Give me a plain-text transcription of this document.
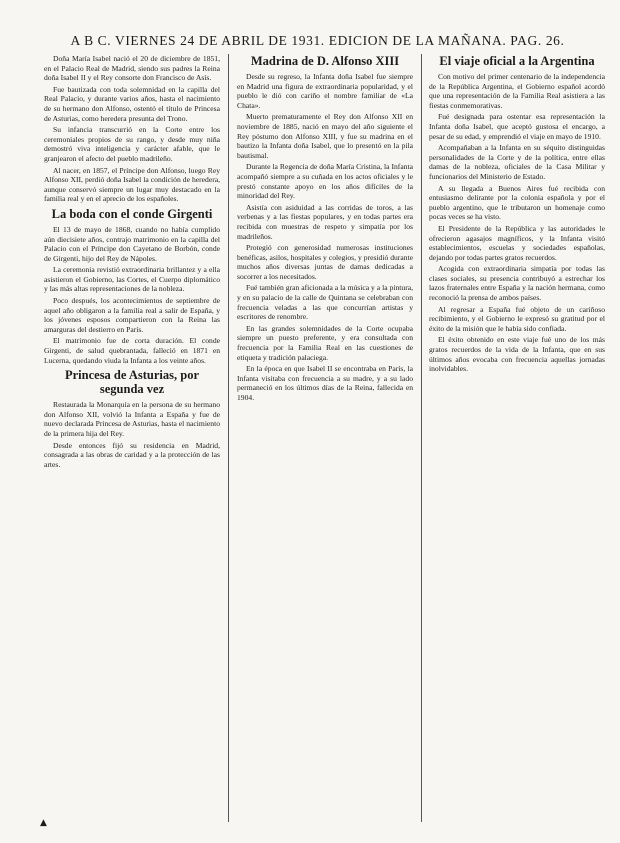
A B C. VIERNES 24 DE ABRIL DE 1931. EDICION DE LA MAÑANA. PAG. 26.

Doña María Isabel nació el 20 de diciembre de 1851, en el Palacio Real de Madrid, siendo sus padres la Reina doña Isabel II y el Rey consorte don Francisco de Asís.

Fue bautizada con toda solemnidad en la capilla del Real Palacio, y durante varios años, hasta el nacimiento de su hermano don Alfonso, ostentó el título de Princesa de Asturias, como heredera presunta del Trono.

Su infancia transcurrió en la Corte entre los ceremoniales propios de su rango, y desde muy niña demostró viva inteligencia y carácter afable, que le granjearon el afecto del pueblo madrileño.

Al nacer, en 1857, el Príncipe don Alfonso, luego Rey Alfonso XII, perdió doña Isabel la condición de heredera, aunque conservó siempre un lugar muy destacado en la familia real y en el aprecio de los españoles.

La boda con el conde Girgenti

El 13 de mayo de 1868, cuando no había cumplido aún diecisiete años, contrajo matrimonio en la capilla del Palacio con el Príncipe don Cayetano de Borbón, conde de Girgenti, hijo del Rey de Nápoles.

La ceremonia revistió extraordinaria brillantez y a ella asistieron el Gobierno, las Cortes, el Cuerpo diplomático y las más altas representaciones de la nobleza.

Poco después, los acontecimientos de septiembre de aquel año obligaron a la familia real a salir de España, y los jóvenes esposos compartieron con la Reina las amarguras del destierro en París.

El matrimonio fue de corta duración. El conde Girgenti, de salud quebrantada, falleció en 1871 en Lucerna, quedando viuda la Infanta a los veinte años.

Princesa de Asturias, por segunda vez

Restaurada la Monarquía en la persona de su hermano don Alfonso XII, volvió la Infanta a España y fue de nuevo declarada Princesa de Asturias, hasta el nacimiento de la primera hija del Rey.

Desde entonces fijó su residencia en Madrid, consagrada a las obras de caridad y a la protección de las artes.

Madrina de D. Alfonso XIII

Desde su regreso, la Infanta doña Isabel fue siempre en Madrid una figura de extraordinaria popularidad, y el pueblo le dió con cariño el nombre familiar de «La Chata».

Muerto prematuramente el Rey don Alfonso XII en noviembre de 1885, nació en mayo del año siguiente el Rey póstumo don Alfonso XIII, y fue su madrina en el bautizo la Infanta doña Isabel, que lo presentó en la pila bautismal.

Durante la Regencia de doña María Cristina, la Infanta acompañó siempre a su cuñada en los actos oficiales y le prestó constante apoyo en los años difíciles de la minoridad del Rey.

Asistía con asiduidad a las corridas de toros, a las verbenas y a las fiestas populares, y en todas partes era recibida con muestras de respeto y simpatía por los madrileños.

Protegió con generosidad numerosas instituciones benéficas, asilos, hospitales y colegios, y presidió durante muchos años diversas juntas de damas dedicadas a socorrer a los necesitados.

Fué también gran aficionada a la música y a la pintura, y en su palacio de la calle de Quintana se celebraban con frecuencia veladas a las que concurrían artistas y escritores de renombre.

En las grandes solemnidades de la Corte ocupaba siempre un puesto preferente, y era consultada con frecuencia por la Familia Real en las cuestiones de etiqueta y tradición palaciega.

En la época en que Isabel II se encontraba en París, la Infanta visitaba con frecuencia a su madre, y a su lado permaneció en los últimos días de la Reina, fallecida en 1904.

El viaje oficial a la Argentina

Con motivo del primer centenario de la independencia de la República Argentina, el Gobierno español acordó que una representación de la Familia Real asistiera a las fiestas conmemorativas.

Fué designada para ostentar esa representación la Infanta doña Isabel, que aceptó gustosa el encargo, a pesar de su edad, y emprendió el viaje en mayo de 1910.

Acompañaban a la Infanta en su séquito distinguidas personalidades de la Corte y de la política, entre ellas damas de la nobleza, oficiales de la Casa Militar y funcionarios del Ministerio de Estado.

A su llegada a Buenos Aires fué recibida con entusiasmo delirante por la colonia española y por el pueblo argentino, que le tributaron un homenaje como pocas veces se ha visto.

El Presidente de la República y las autoridades le ofrecieron agasajos magníficos, y la Infanta visitó establecimientos, escuelas y sociedades españolas, dejando por todas partes gratos recuerdos.

Acogida con extraordinaria simpatía por todas las clases sociales, su presencia contribuyó a estrechar los lazos fraternales entre España y la nación hermana, como reconoció la prensa de ambos países.

Al regresar a España fué objeto de un cariñoso recibimiento, y el Gobierno le expresó su gratitud por el éxito de la misión que le había sido confiada.

El éxito obtenido en este viaje fué uno de los más gratos recuerdos de la vida de la Infanta, que en sus últimos años evocaba con frecuencia aquellas jornadas inolvidables.

▲
